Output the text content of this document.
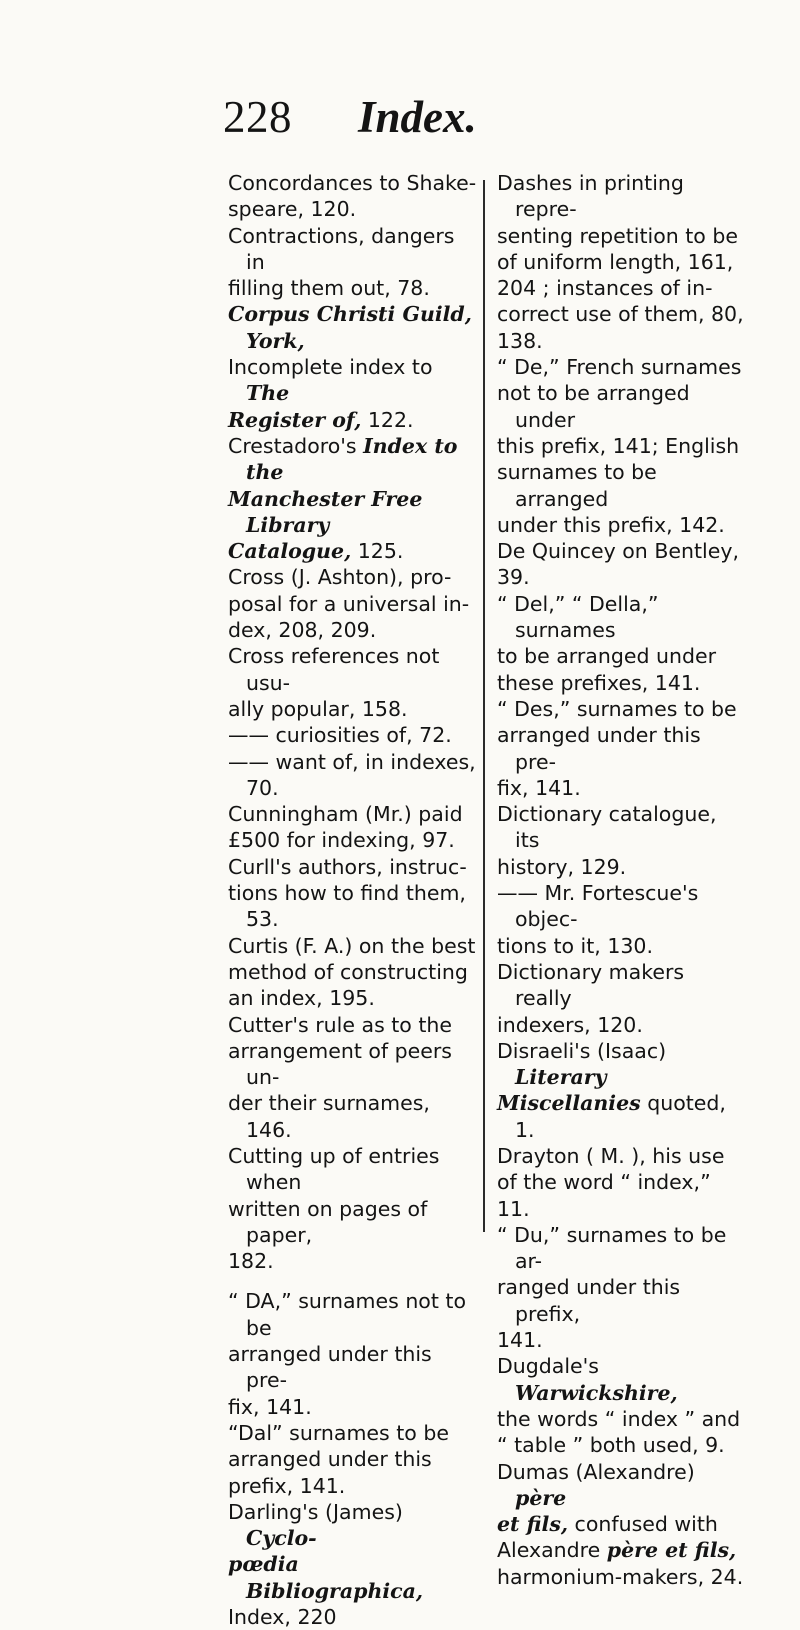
228 Index.

Concordances to Shake-
speare, 120.

Contractions, dangers in
filling them out, 78.

Corpus Christi Guild, York,
Incomplete index to The
Register of, 122.

Crestadoro's Index to the
Manchester Free Library
Catalogue, 125.

Cross (J. Ashton), pro-
posal for a universal in-
dex, 208, 209.

Cross references not usu-
ally popular, 158.

—— curiosities of, 72.

—— want of, in indexes, 70.

Cunningham (Mr.) paid
£500 for indexing, 97.

Curll's authors, instruc-
tions how to find them, 53.

Curtis (F. A.) on the best
method of constructing
an index, 195.

Cutter's rule as to the
arrangement of peers un-
der their surnames, 146.

Cutting up of entries when
written on pages of paper,
182.

“ DA,” surnames not to be
arranged under this pre-
fix, 141.

“Dal” surnames to be
arranged under this
prefix, 141.

Darling's (James) Cyclo-
pœdia Bibliographica,
Index, 220

Dashes in printing repre-
senting repetition to be
of uniform length, 161,
204 ; instances of in-
correct use of them, 80,
138.

“ De,” French surnames
not to be arranged under
this prefix, 141; English
surnames to be arranged
under this prefix, 142.

De Quincey on Bentley,
39.

“ Del,” “ Della,” surnames
to be arranged under
these prefixes, 141.

“ Des,” surnames to be
arranged under this pre-
fix, 141.

Dictionary catalogue, its
history, 129.

—— Mr. Fortescue's objec-
tions to it, 130.

Dictionary makers really
indexers, 120.

Disraeli's (Isaac) Literary
Miscellanies quoted, 1.

Drayton ( M. ), his use
of the word “ index,”
11.

“ Du,” surnames to be ar-
ranged under this prefix,
141.

Dugdale's Warwickshire,
the words “ index ” and
“ table ” both used, 9.

Dumas (Alexandre) père
et fils, confused with
Alexandre père et fils,
harmonium-makers, 24.
